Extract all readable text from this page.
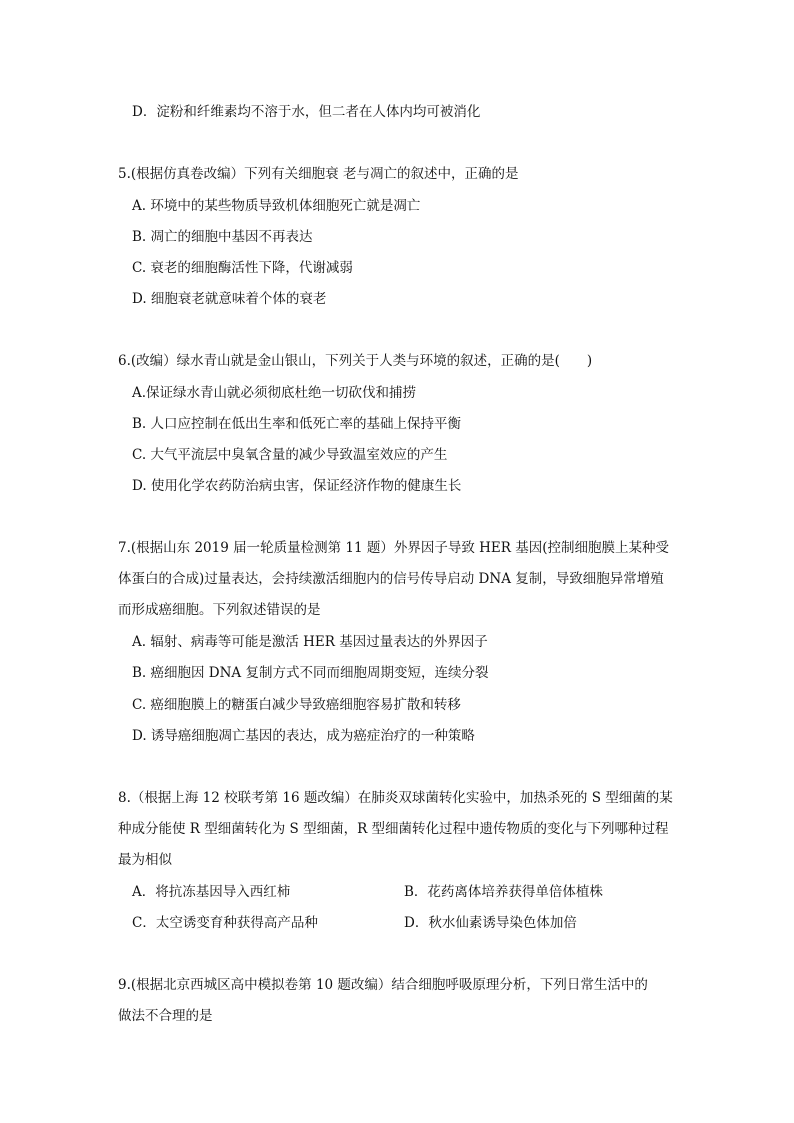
D．淀粉和纤维素均不溶于水，但二者在人体内均可被消化
5.(根据仿真卷改编）下列有关细胞衰 老与凋亡的叙述中，正确的是
A. 环境中的某些物质导致机体细胞死亡就是凋亡
B. 凋亡的细胞中基因不再表达
C. 衰老的细胞酶活性下降，代谢减弱
D. 细胞衰老就意味着个体的衰老
6.(改编）绿水青山就是金山银山，下列关于人类与环境的叙述，正确的是(　　)
A.保证绿水青山就必须彻底杜绝一切砍伐和捕捞
B. 人口应控制在低出生率和低死亡率的基础上保持平衡
C. 大气平流层中臭氧含量的减少导致温室效应的产生
D. 使用化学农药防治病虫害，保证经济作物的健康生长
7.(根据山东 2019 届一轮质量检测第 11 题）外界因子导致 HER 基因(控制细胞膜上某种受
体蛋白的合成)过量表达，会持续激活细胞内的信号传导启动 DNA 复制，导致细胞异常增殖
而形成癌细胞。下列叙述错误的是
A. 辐射、病毒等可能是激活 HER 基因过量表达的外界因子
B. 癌细胞因 DNA 复制方式不同而细胞周期变短，连续分裂
C. 癌细胞膜上的糖蛋白减少导致癌细胞容易扩散和转移
D. 诱导癌细胞凋亡基因的表达，成为癌症治疗的一种策略
8.（根据上海 12 校联考第 16 题改编）在肺炎双球菌转化实验中，加热杀死的 S 型细菌的某
种成分能使 R 型细菌转化为 S 型细菌，R 型细菌转化过程中遗传物质的变化与下列哪种过程
最为相似
A．将抗冻基因导入西红柿	B．花药离体培养获得单倍体植株
C．太空诱变育种获得高产品种	D．秋水仙素诱导染色体加倍
9.(根据北京西城区高中模拟卷第 10 题改编）结合细胞呼吸原理分析，下列日常生活中的
做法不合理的是
